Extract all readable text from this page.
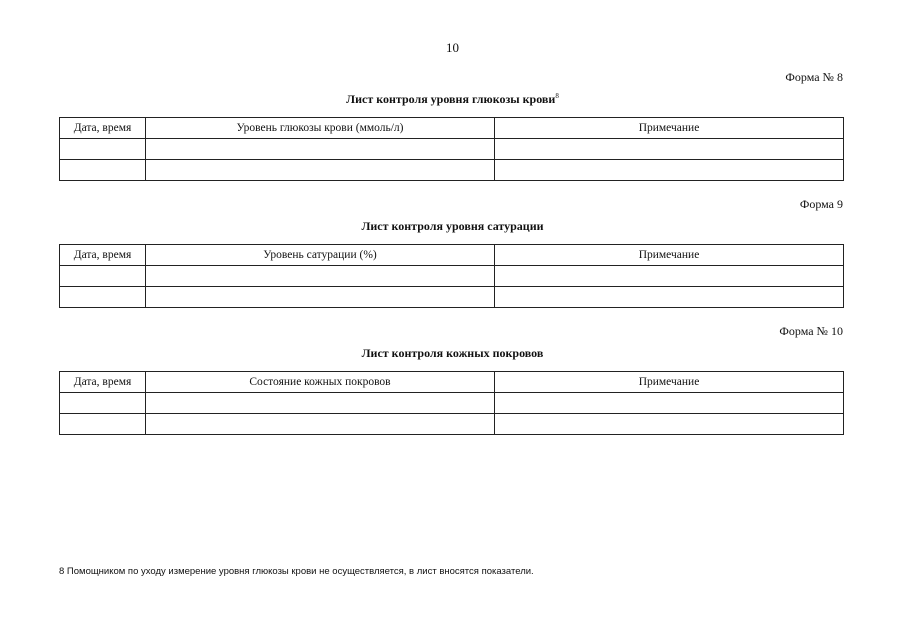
10
Форма № 8
Лист контроля уровня глюкозы крови$^8$
Дата, время	Уровень глюкозы крови (ммоль/л)	Примечание

Форма 9
Лист контроля уровня сатурации
Дата, время	Уровень сатурации (%)	Примечание

Форма № 10
Лист контроля кожных покровов
Дата, время	Состояние кожных покровов	Примечание

8 Помощником по уходу измерение уровня глюкозы крови не осуществляется, в лист вносятся показатели.
